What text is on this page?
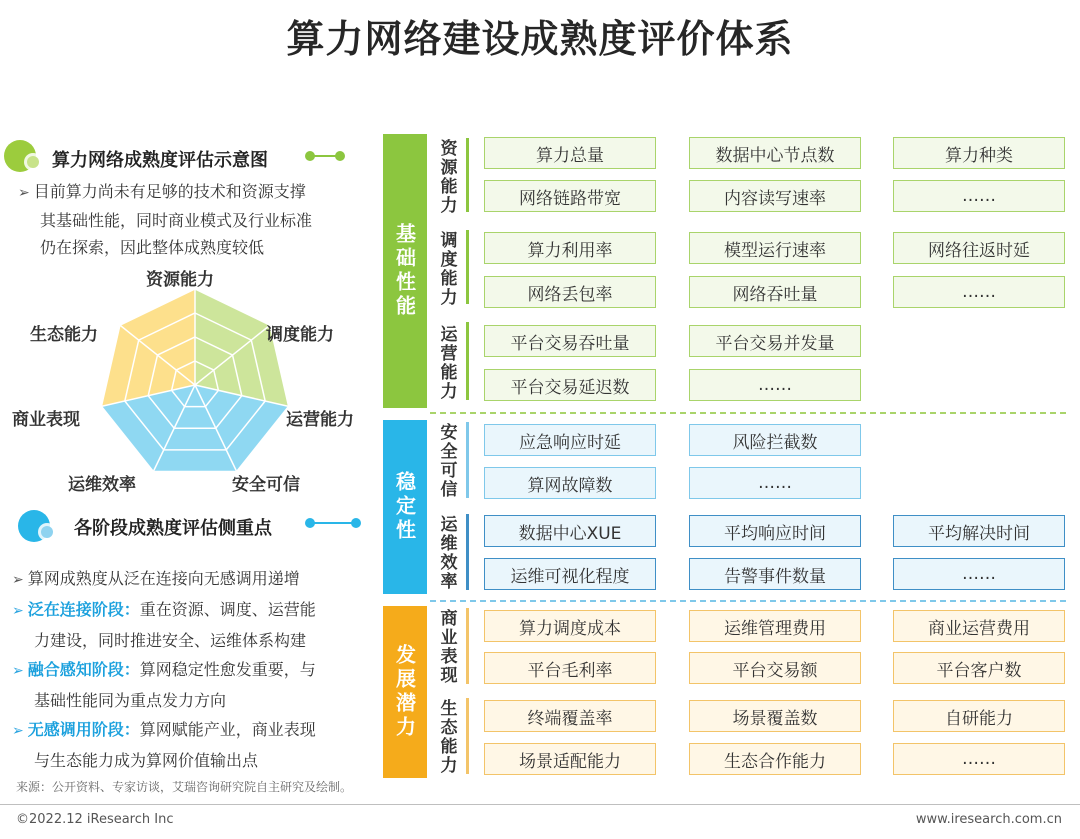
算力网络建设成熟度评价体系
算力网络成熟度评估示意图
➢ 目前算力尚未有足够的技术和资源支撑
其基础性能，同时商业模式及行业标准
仍在探索，因此整体成熟度较低
资源能力
调度能力
运营能力
安全可信
运维效率
商业表现
生态能力
各阶段成熟度评估侧重点
➢ 算网成熟度从泛在连接向无感调用递增
➢ 泛在连接阶段：重在资源、调度、运营能
力建设，同时推进安全、运维体系构建
➢ 融合感知阶段：算网稳定性愈发重要，与
基础性能同为重点发力方向
➢ 无感调用阶段：算网赋能产业，商业表现
与生态能力成为算网价值输出点
来源：公开资料、专家访谈，艾瑞咨询研究院自主研究及绘制。
基础性能
稳定性
发展潜力
资源能力
调度能力
运营能力
安全可信
运维效率
商业表现
生态能力
算力总量	数据中心节点数	算力种类
网络链路带宽	内容读写速率	……
算力利用率	模型运行速率	网络往返时延
网络丢包率	网络吞吐量	……
平台交易吞吐量	平台交易并发量
平台交易延迟数	……
应急响应时延	风险拦截数
算网故障数	……
数据中心XUE	平均响应时间	平均解决时间
运维可视化程度	告警事件数量	……
算力调度成本	运维管理费用	商业运营费用
平台毛利率	平台交易额	平台客户数
终端覆盖率	场景覆盖数	自研能力
场景适配能力	生态合作能力	……
©2022.12 iResearch Inc	www.iresearch.com.cn
